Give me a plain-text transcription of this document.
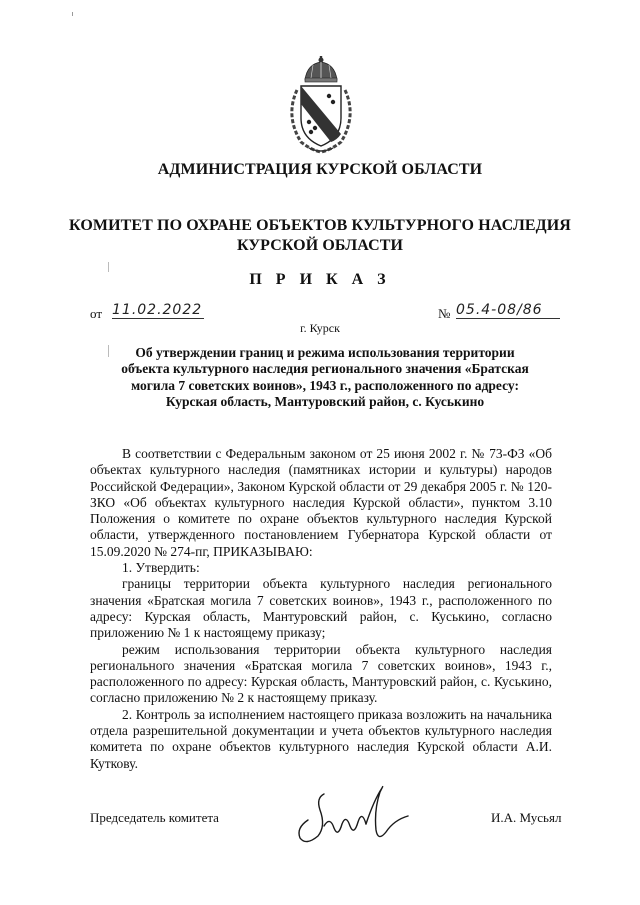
АДМИНИСТРАЦИЯ КУРСКОЙ ОБЛАСТИ
КОМИТЕТ ПО ОХРАНЕ ОБЪЕКТОВ КУЛЬТУРНОГО НАСЛЕДИЯ
КУРСКОЙ ОБЛАСТИ
П Р И К А З
от 11.02.2022	№ 05.4-08/86
г. Курск
Об утверждении границ и режима использования территории
объекта культурного наследия регионального значения «Братская
могила 7 советских воинов», 1943 г., расположенного по адресу:
Курская область, Мантуровский район, с. Куськино

В соответствии с Федеральным законом от 25 июня 2002 г. № 73-ФЗ «Об объектах культурного наследия (памятниках истории и культуры) народов Российской Федерации», Законом Курской области от 29 декабря 2005 г. № 120-ЗКО «Об объектах культурного наследия Курской области», пунктом 3.10 Положения о комитете по охране объектов культурного наследия Курской области, утвержденного постановлением Губернатора Курской области от 15.09.2020 № 274-пг, ПРИКАЗЫВАЮ:

1. Утвердить:

границы территории объекта культурного наследия регионального значения «Братская могила 7 советских воинов», 1943 г., расположенного по адресу: Курская область, Мантуровский район, с. Куськино, согласно приложению № 1 к настоящему приказу;

режим использования территории объекта культурного наследия регионального значения «Братская могила 7 советских воинов», 1943 г., расположенного по адресу: Курская область, Мантуровский район, с. Куськино, согласно приложению № 2 к настоящему приказу.

2. Контроль за исполнением настоящего приказа возложить на начальника отдела разрешительной документации и учета объектов культурного наследия комитета по охране объектов культурного наследия Курской области А.И. Куткову.

Председатель комитета	И.А. Мусьял
